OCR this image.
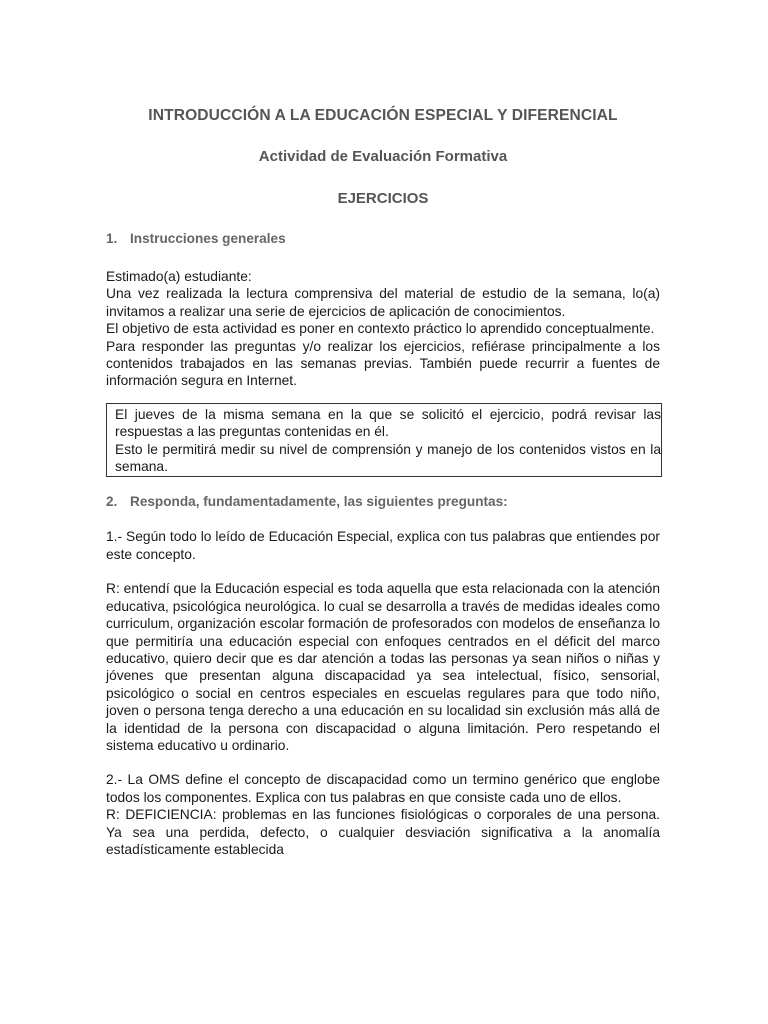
INTRODUCCIÓN A LA EDUCACIÓN ESPECIAL Y DIFERENCIAL
Actividad de Evaluación Formativa
EJERCICIOS
1. Instrucciones generales

Estimado(a) estudiante:

Una vez realizada la lectura comprensiva del material de estudio de la semana, lo(a) invitamos a realizar una serie de ejercicios de aplicación de conocimientos.

El objetivo de esta actividad es poner en contexto práctico lo aprendido conceptualmente.

Para responder las preguntas y/o realizar los ejercicios, refiérase principalmente a los contenidos trabajados en las semanas previas. También puede recurrir a fuentes de información segura en Internet.

El jueves de la misma semana en la que se solicitó el ejercicio, podrá revisar las respuestas a las preguntas contenidas en él.

Esto le permitirá medir su nivel de comprensión y manejo de los contenidos vistos en la semana.

2. Responda, fundamentadamente, las siguientes preguntas:

1.- Según todo lo leído de Educación Especial, explica con tus palabras que entiendes por este concepto.

R: entendí que la Educación especial es toda aquella que esta relacionada con la atención educativa, psicológica neurológica. lo cual se desarrolla a través de medidas ideales como curriculum, organización escolar formación de profesorados con modelos de enseñanza lo que permitiría una educación especial con enfoques centrados en el déficit del marco educativo, quiero decir que es dar atención a todas las personas ya sean niños o niñas y jóvenes que presentan alguna discapacidad ya sea intelectual, físico, sensorial, psicológico o social en centros especiales en escuelas regulares para que todo niño, joven o persona tenga derecho a una educación en su localidad sin exclusión más allá de la identidad de la persona con discapacidad o alguna limitación. Pero respetando el sistema educativo u ordinario.

2.- La OMS define el concepto de discapacidad como un termino genérico que englobe todos los componentes. Explica con tus palabras en que consiste cada uno de ellos.

R: DEFICIENCIA: problemas en las funciones fisiológicas o corporales de una persona. Ya sea una perdida, defecto, o cualquier desviación significativa a la anomalía estadísticamente establecida
